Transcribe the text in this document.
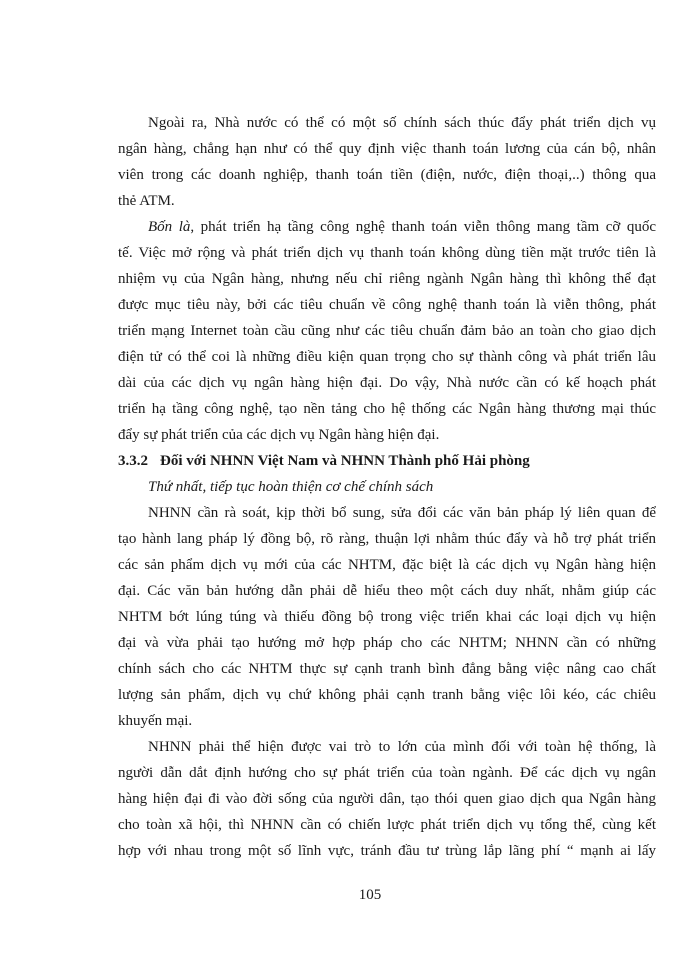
Ngoài ra, Nhà nước có thể có một số chính sách thúc đẩy phát triển dịch vụ
ngân hàng, chẳng hạn như có thể quy định việc thanh toán lương của cán bộ, nhân
viên trong các doanh nghiệp, thanh toán tiền (điện, nước, điện thoại,..) thông qua
thẻ ATM.
Bốn là, phát triển hạ tầng công nghệ thanh toán viễn thông mang tầm cỡ quốc
tế. Việc mở rộng và phát triển dịch vụ thanh toán không dùng tiền mặt trước tiên là
nhiệm vụ của Ngân hàng, nhưng nếu chỉ riêng ngành Ngân hàng thì không thể đạt
được mục tiêu này, bởi các tiêu chuẩn về công nghệ thanh toán là viễn thông, phát
triển mạng Internet toàn cầu cũng như các tiêu chuẩn đảm bảo an toàn cho giao dịch
điện tử có thể coi là những điều kiện quan trọng cho sự thành công và phát triển lâu
dài của các dịch vụ ngân hàng hiện đại. Do vậy, Nhà nước cần có kế hoạch phát
triển hạ tầng công nghệ, tạo nền tảng cho hệ thống các Ngân hàng thương mại thúc
đẩy sự phát triển của các dịch vụ Ngân hàng hiện đại.
3.3.2 Đối với NHNN Việt Nam và NHNN Thành phố Hải phòng
Thứ nhất, tiếp tục hoàn thiện cơ chế chính sách
NHNN cần rà soát, kịp thời bổ sung, sửa đổi các văn bản pháp lý liên quan để
tạo hành lang pháp lý đồng bộ, rõ ràng, thuận lợi nhằm thúc đẩy và hỗ trợ phát triển
các sản phẩm dịch vụ mới của các NHTM, đặc biệt là các dịch vụ Ngân hàng hiện
đại. Các văn bản hướng dẫn phải dễ hiểu theo một cách duy nhất, nhằm giúp các
NHTM bớt lúng túng và thiếu đồng bộ trong việc triển khai các loại dịch vụ hiện
đại và vừa phải tạo hướng mở hợp pháp cho các NHTM; NHNN cần có những
chính sách cho các NHTM thực sự cạnh tranh bình đẳng bằng việc nâng cao chất
lượng sản phẩm, dịch vụ chứ không phải cạnh tranh bằng việc lôi kéo, các chiêu
khuyến mại.
NHNN phải thể hiện được vai trò to lớn của mình đối với toàn hệ thống, là
người dẫn dắt định hướng cho sự phát triển của toàn ngành. Để các dịch vụ ngân
hàng hiện đại đi vào đời sống của người dân, tạo thói quen giao dịch qua Ngân hàng
cho toàn xã hội, thì NHNN cần có chiến lược phát triển dịch vụ tổng thể, cùng kết
hợp với nhau trong một số lĩnh vực, tránh đầu tư trùng lắp lãng phí “ mạnh ai lấy
105
